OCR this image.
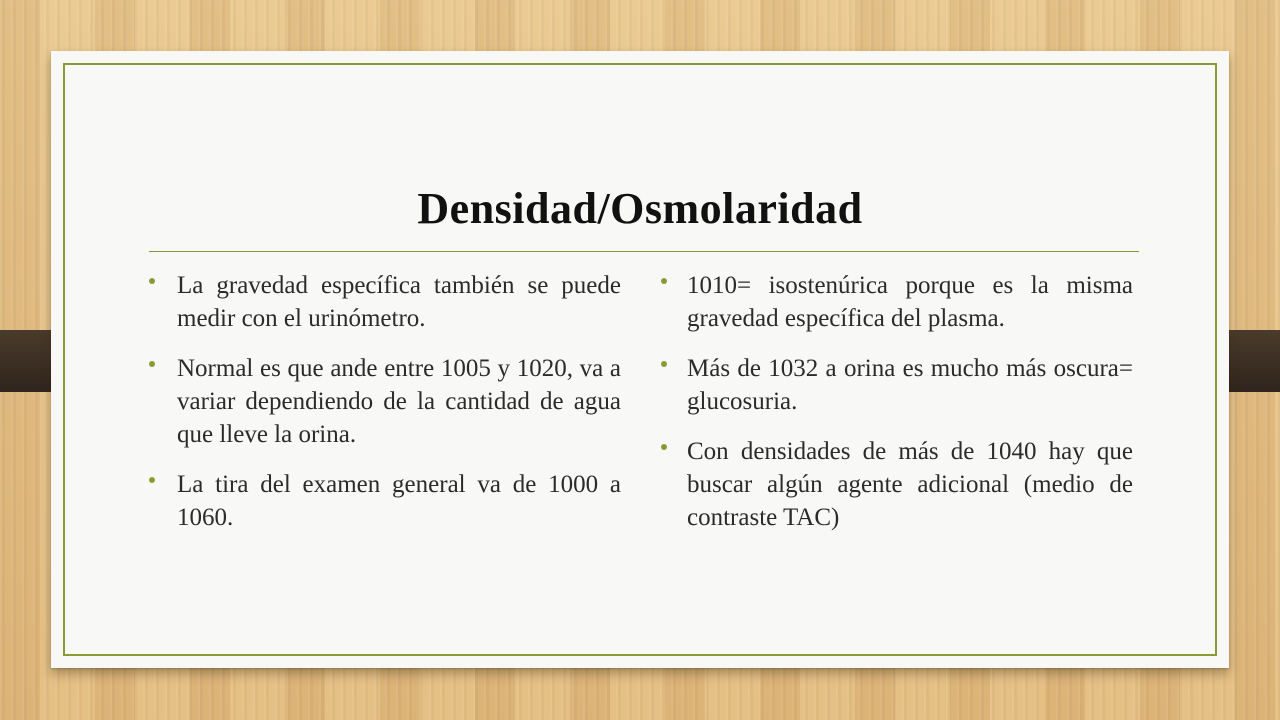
Densidad/Osmolaridad
La gravedad específica también se puede medir con el urinómetro.
Normal es que ande entre 1005 y 1020, va a variar dependiendo de la cantidad de agua que lleve la orina.
La tira del examen general va de 1000 a 1060.
1010= isostenúrica porque es la misma gravedad específica del plasma.
Más de 1032 a orina es mucho más oscura= glucosuria.
Con densidades de más de 1040 hay que buscar algún agente adicional (medio de contraste TAC)
